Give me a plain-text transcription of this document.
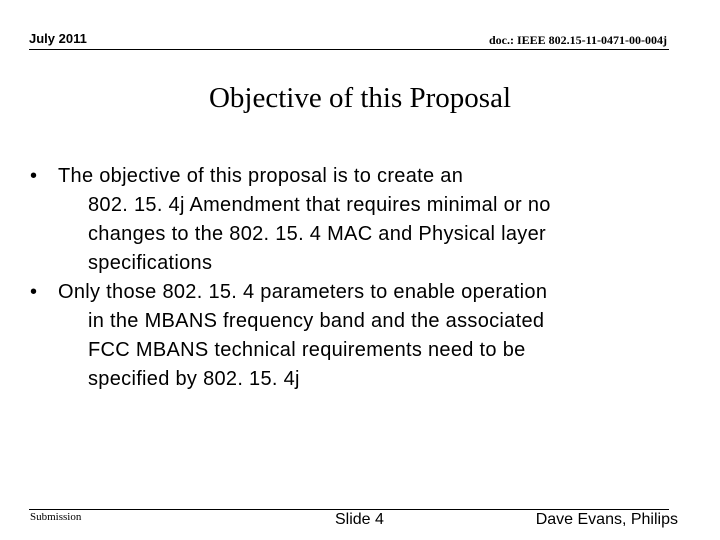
July 2011	doc.: IEEE 802.15-11-0471-00-004j
Objective of this Proposal
•	The objective of this proposal is to create an
802. 15. 4j Amendment that requires minimal or no
changes to the 802. 15. 4 MAC and Physical layer
specifications
•	Only those 802. 15. 4 parameters to enable operation
in the MBANS frequency band and the associated
FCC MBANS technical requirements need to be
specified by 802. 15. 4j
Submission	Slide 4	Dave Evans, Philips
